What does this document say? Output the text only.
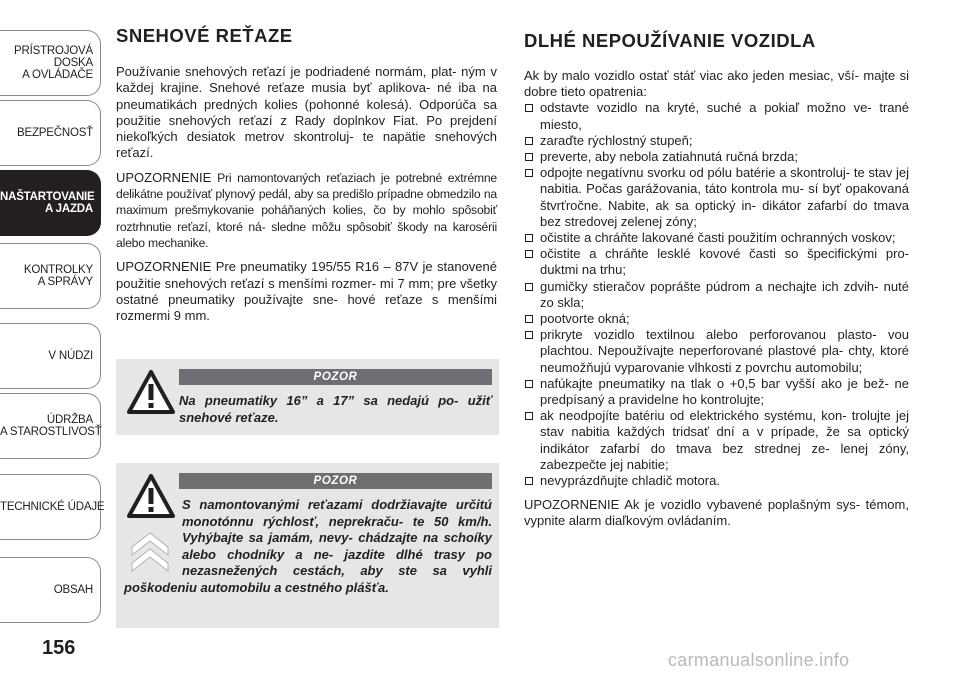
PRÍSTROJOVÁ
DOSKA
A OVLÁDAČE
BEZPEČNOSŤ
NAŠTARTOVANIE
A JAZDA
KONTROLKY
A SPRÁVY
V NÚDZI
ÚDRŽBA
A STAROSTLIVOSŤ
TECHNICKÉ ÚDAJE
OBSAH
156
SNEHOVÉ REŤAZE

Používanie snehových reťazí je podriadené normám, plat- ným v každej krajine. Snehové reťaze musia byť aplikova- né iba na pneumatikách predných kolies (pohonné kolesá). Odporúča sa použitie snehových reťazí z Rady doplnkov Fiat. Po prejdení niekoľkých desiatok metrov skontroluj- te napätie snehových reťazí.

UPOZORNENIE Pri namontovaných reťaziach je potrebné extrémne delikátne používať plynový pedál, aby sa predišlo prípadne obmedzilo na maximum prešmykovanie poháňaných kolies, čo by mohlo spôsobiť roztrhnutie reťazí, ktoré ná- sledne môžu spôsobiť škody na karosérii alebo mechanike.

UPOZORNENIE Pre pneumatiky 195/55 R16 – 87V je stanovené použitie snehových reťazí s menšími rozmer- mi 7 mm; pre všetky ostatné pneumatiky používajte sne- hové reťaze s menšími rozmermi 9 mm.

POZOR
Na pneumatiky 16” a 17” sa nedajú po- užiť snehové reťaze.
POZOR
S namontovanými reťazami dodržiavajte určitú monotónnu rýchlosť, neprekraču- te 50 km/h. Vyhýbajte sa jamám, nevy- chádzajte na schoíky alebo chodníky a ne- jazdite dlhé trasy po nezasnežených cestách, aby ste sa vyhli poškodeniu automobilu a cestného plášťa.
DLHÉ NEPOUŽÍVANIE VOZIDLA

Ak by malo vozidlo ostať stáť viac ako jeden mesiac, vší- majte si dobre tieto opatrenia:

odstavte vozidlo na kryté, suché a pokiaľ možno ve- trané miesto,
zaraďte rýchlostný stupeň;
preverte, aby nebola zatiahnutá ručná brzda;
odpojte negatívnu svorku od pólu batérie a skontroluj- te stav jej nabitia. Počas garážovania, táto kontrola mu- sí byť opakovaná štvrťročne. Nabite, ak sa optický in- dikátor zafarbí do tmava bez stredovej zelenej zóny;
očistite a chráňte lakované časti použitím ochranných voskov;
očistite a chráňte lesklé kovové časti so špecifickými pro- duktmi na trhu;
gumičky stieračov poprášte púdrom a nechajte ich zdvih- nuté zo skla;
pootvorte okná;
prikryte vozidlo textilnou alebo perforovanou plasto- vou plachtou. Nepoužívajte neperforované plastové pla- chty, ktoré neumožňujú vyparovanie vlhkosti z povrchu automobilu;
nafúkajte pneumatiky na tlak o +0,5 bar vyšší ako je bež- ne predpísaný a pravidelne ho kontrolujte;
ak neodpojíte batériu od elektrického systému, kon- trolujte jej stav nabitia každých tridsať dní a v prípade, že sa optický indikátor zafarbí do tmava bez strednej ze- lenej zóny, zabezpečte jej nabitie;
nevyprázdňujte chladič motora.

UPOZORNENIE Ak je vozidlo vybavené poplašným sys- témom, vypnite alarm diaľkovým ovládaním.

carmanualsonline.info
